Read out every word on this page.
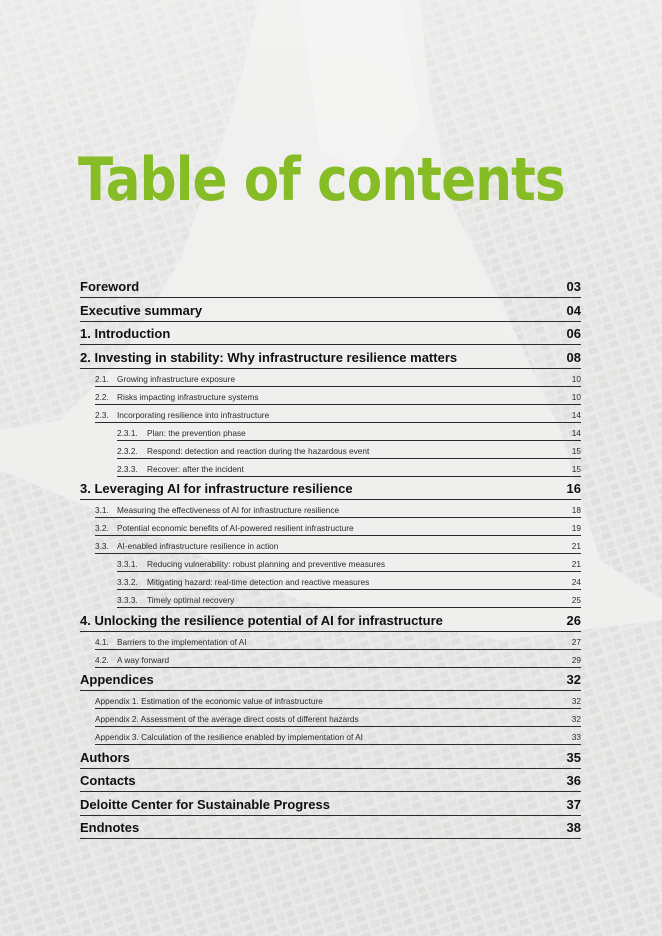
Table of contents
Foreword	03
Executive summary	04
1. Introduction	06
2. Investing in stability: Why infrastructure resilience matters	08
2.1. Growing infrastructure exposure	10
2.2. Risks impacting infrastructure systems	10
2.3. Incorporating resilience into infrastructure	14
2.3.1. Plan: the prevention phase	14
2.3.2. Respond: detection and reaction during the hazardous event	15
2.3.3. Recover: after the incident	15
3. Leveraging AI for infrastructure resilience	16
3.1. Measuring the effectiveness of AI for infrastructure resilience	18
3.2. Potential economic benefits of AI-powered resilient infrastructure	19
3.3. AI-enabled infrastructure resilience in action	21
3.3.1. Reducing vulnerability: robust planning and preventive measures	21
3.3.2. Mitigating hazard: real-time detection and reactive measures	24
3.3.3. Timely optimal recovery	25
4. Unlocking the resilience potential of AI for infrastructure	26
4.1. Barriers to the implementation of AI	27
4.2. A way forward	29
Appendices	32
Appendix 1. Estimation of the economic value of infrastructure	32
Appendix 2. Assessment of the average direct costs of different hazards	32
Appendix 3. Calculation of the resilience enabled by implementation of AI	33
Authors	35
Contacts	36
Deloitte Center for Sustainable Progress	37
Endnotes	38
